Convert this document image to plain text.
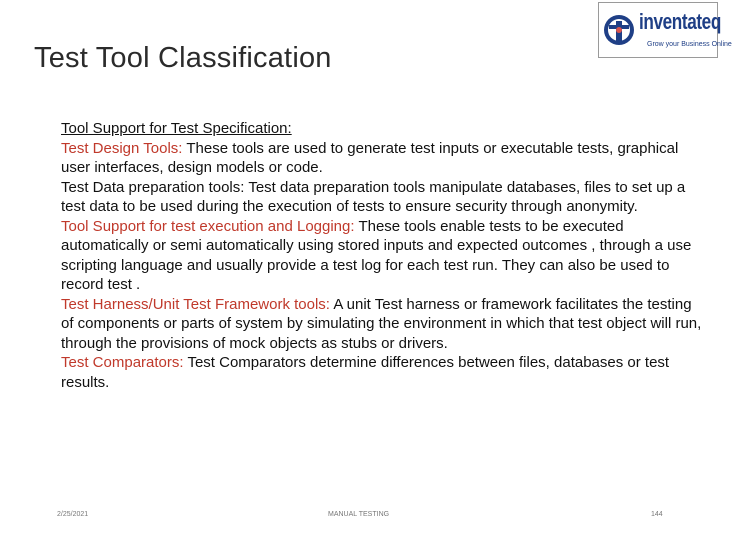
Test Tool Classification
inventateq
Grow your Business Online

Tool Support for Test Specification:

Test Design Tools: These tools are used to generate test inputs or executable tests, graphical user interfaces, design models or code.

Test Data preparation tools: Test data preparation tools manipulate databases, files to set up a test data to be used during the execution of tests to ensure security through anonymity.

Tool Support for test execution and Logging: These tools enable tests to be executed automatically or semi automatically using stored inputs and expected outcomes , through a use scripting language and usually provide a test log for each test run. They can also be used to record test .

Test Harness/Unit Test Framework tools: A unit Test harness or framework facilitates the testing of components or parts of system by simulating the environment in which that test object will run, through the provisions of mock objects as stubs or drivers.

Test Comparators: Test Comparators determine differences between files, databases or test results.

2/25/2021	MANUAL TESTING	144
